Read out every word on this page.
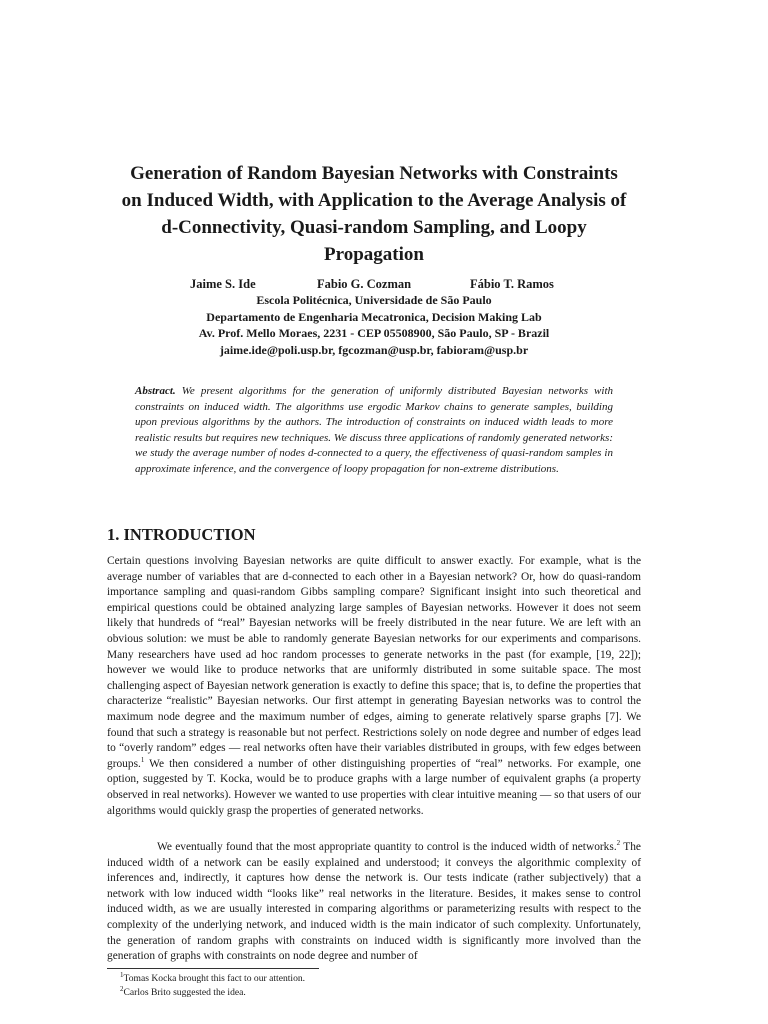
Generation of Random Bayesian Networks with Constraints
on Induced Width, with Application to the Average Analysis of
d-Connectivity, Quasi-random Sampling, and Loopy
Propagation
Jaime S. Ide	Fabio G. Cozman	Fábio T. Ramos
Escola Politécnica, Universidade de São Paulo
Departamento de Engenharia Mecatronica, Decision Making Lab
Av. Prof. Mello Moraes, 2231 - CEP 05508900, São Paulo, SP - Brazil
jaime.ide@poli.usp.br, fgcozman@usp.br, fabioram@usp.br

Abstract. We present algorithms for the generation of uniformly distributed Bayesian networks with constraints on induced width. The algorithms use ergodic Markov chains to generate samples, building upon previous algorithms by the authors. The introduction of constraints on induced width leads to more realistic results but requires new techniques. We discuss three applications of randomly generated networks: we study the average number of nodes d-connected to a query, the effectiveness of quasi-random samples in approximate inference, and the convergence of loopy propagation for non-extreme distributions.

1. INTRODUCTION

Certain questions involving Bayesian networks are quite difficult to answer exactly. For example, what is the average number of variables that are d-connected to each other in a Bayesian network? Or, how do quasi-random importance sampling and quasi-random Gibbs sampling compare? Significant insight into such theoretical and empirical questions could be obtained analyzing large samples of Bayesian networks. However it does not seem likely that hundreds of “real” Bayesian networks will be freely distributed in the near future. We are left with an obvious solution: we must be able to randomly generate Bayesian networks for our experiments and comparisons. Many researchers have used ad hoc random processes to generate networks in the past (for example, [19, 22]); however we would like to produce networks that are uniformly distributed in some suitable space. The most challenging aspect of Bayesian network generation is exactly to define this space; that is, to define the properties that characterize “realistic” Bayesian networks. Our first attempt in generating Bayesian networks was to control the maximum node degree and the maximum number of edges, aiming to generate relatively sparse graphs [7]. We found that such a strategy is reasonable but not perfect. Restrictions solely on node degree and number of edges lead to “overly random” edges — real networks often have their variables distributed in groups, with few edges between groups.$^1$ We then considered a number of other distinguishing properties of “real” networks. For example, one option, suggested by T. Kocka, would be to produce graphs with a large number of equivalent graphs (a property observed in real networks). However we wanted to use properties with clear intuitive meaning — so that users of our algorithms would quickly grasp the properties of generated networks.

We eventually found that the most appropriate quantity to control is the induced width of networks.$^2$ The induced width of a network can be easily explained and understood; it conveys the algorithmic complexity of inferences and, indirectly, it captures how dense the network is. Our tests indicate (rather subjectively) that a network with low induced width “looks like” real networks in the literature. Besides, it makes sense to control induced width, as we are usually interested in comparing algorithms or parameterizing results with respect to the complexity of the underlying network, and induced width is the main indicator of such complexity. Unfortunately, the generation of random graphs with constraints on induced width is significantly more involved than the generation of graphs with constraints on node degree and number of

$^1$Tomas Kocka brought this fact to our attention.
$^2$Carlos Brito suggested the idea.
